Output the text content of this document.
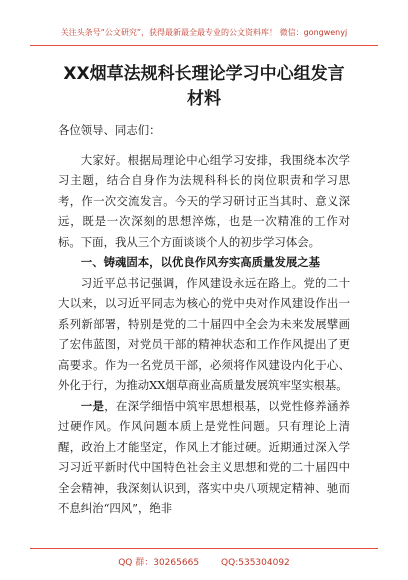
关注头条号“公文研究”，获得最新最全最专业的公文资料库！ 微信：gongwenyj
XX烟草法规科长理论学习中心组发言材料

各位领导、同志们：

大家好。根据局理论中心组学习安排，我围绕本次学习主题，结合自身作为法规科科长的岗位职责和学习思考，作一次交流发言。今天的学习研讨正当其时、意义深远，既是一次深刻的思想淬炼，也是一次精准的工作对标。下面，我从三个方面谈谈个人的初步学习体会。

一、铸魂固本，以优良作风夯实高质量发展之基

习近平总书记强调，作风建设永远在路上。党的二十大以来，以习近平同志为核心的党中央对作风建设作出一系列新部署，特别是党的二十届四中全会为未来发展擘画了宏伟蓝图，对党员干部的精神状态和工作作风提出了更高要求。作为一名党员干部，必须将作风建设内化于心、外化于行，为推动XX烟草商业高质量发展筑牢坚实根基。

一是，在深学细悟中筑牢思想根基，以党性修养涵养过硬作风。作风问题本质上是党性问题。只有理论上清醒，政治上才能坚定，作风上才能过硬。近期通过深入学习习近平新时代中国特色社会主义思想和党的二十届四中全会精神，我深刻认识到，落实中央八项规定精神、驰而不息纠治“四风”，绝非

QQ 群：30265665 QQ:535304092
